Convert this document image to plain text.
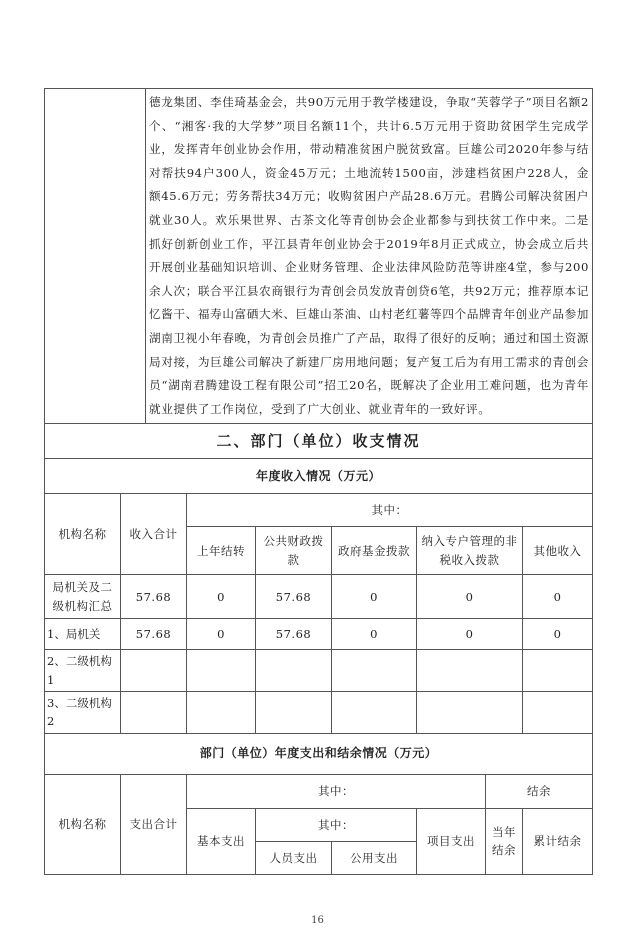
	德龙集团、李佳琦基金会，共90万元用于教学楼建设，争取“芙蓉学子”项目名额2个、“湘客·我的大学梦”项目名额11个，共计6.5万元用于资助贫困学生完成学业，发挥青年创业协会作用，带动精准贫困户脱贫致富。巨雄公司2020年参与结对帮扶94户300人，资金45万元；土地流转1500亩，涉建档贫困户228人，金额45.6万元；劳务帮扶34万元；收购贫困户产品28.6万元。君腾公司解决贫困户就业30人。欢乐果世界、古茶文化等青创协会企业都参与到扶贫工作中来。二是抓好创新创业工作，平江县青年创业协会于2019年8月正式成立，协会成立后共开展创业基础知识培训、企业财务管理、企业法律风险防范等讲座4堂，参与200余人次；联合平江县农商银行为青创会员发放青创贷6笔，共92万元；推荐原本记忆酱干、福寿山富硒大米、巨雄山茶油、山村老红薯等四个品牌青年创业产品参加湖南卫视小年春晚，为青创会员推广了产品，取得了很好的反响；通过和国土资源局对接，为巨雄公司解决了新建厂房用地问题；复产复工后为有用工需求的青创会员“湖南君腾建设工程有限公司”招工20名，既解决了企业用工难问题，也为青年就业提供了工作岗位，受到了广大创业、就业青年的一致好评。
二、部门（单位）收支情况
年度收入情况（万元）							
机构名称	收入合计	其中：					
		上年结转	公共财政拨款	政府基金拨款	纳入专户管理的非税收入拨款		其他收入
局机关及二级机构汇总	57.68	0	57.68	0	0		0
1、局机关	57.68	0	57.68	0	0		0
2、二级机构 1							
3、二级机构 2							
部门（单位）年度支出和结余情况（万元）							
机构名称	支出合计	其中：				结余	
		基本支出	其中：		项目支出	当年结余	累计结余
			人员支出	公用支出			
16
